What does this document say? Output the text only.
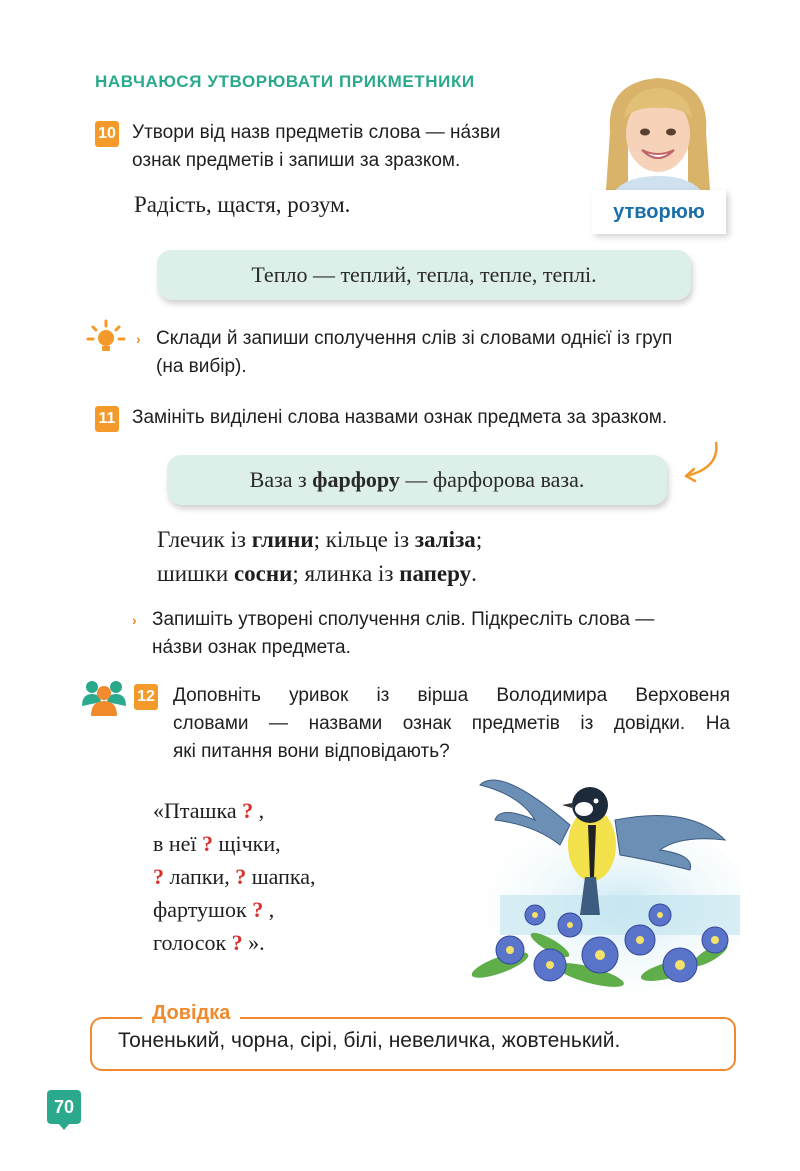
НАВЧАЮСЯ УТВОРЮВАТИ ПРИКМЕТНИКИ
утворюю
10 Утвори від назв предметів слова — на́зви
ознак предметів і запиши за зразком.
Радість, щастя, розум.
Тепло — теплий, тепла, тепле, теплі.
› Склади й запиши сполучення слів зі словами однієї із груп
(на вибір).
11 Замініть виділені слова назвами ознак предмета за зразком.
Ваза з фарфору — фарфорова ваза.
Глечик із глини; кільце із заліза;
шишки сосни; ялинка із паперу.
› Запишіть утворені сполучення слів. Підкресліть слова —
на́зви ознак предмета.
12 Доповніть уривок із вірша Володимира Верховеня
словами — назвами ознак предметів із довідки. На
які питання вони відповідають?
«Пташка ? ,
в неї ? щічки,
? лапки, ? шапка,
фартушок ? ,
голосок ? ».
Довідка
Тоненький, чорна, сірі, білі, невеличка, жовтенький.
70
